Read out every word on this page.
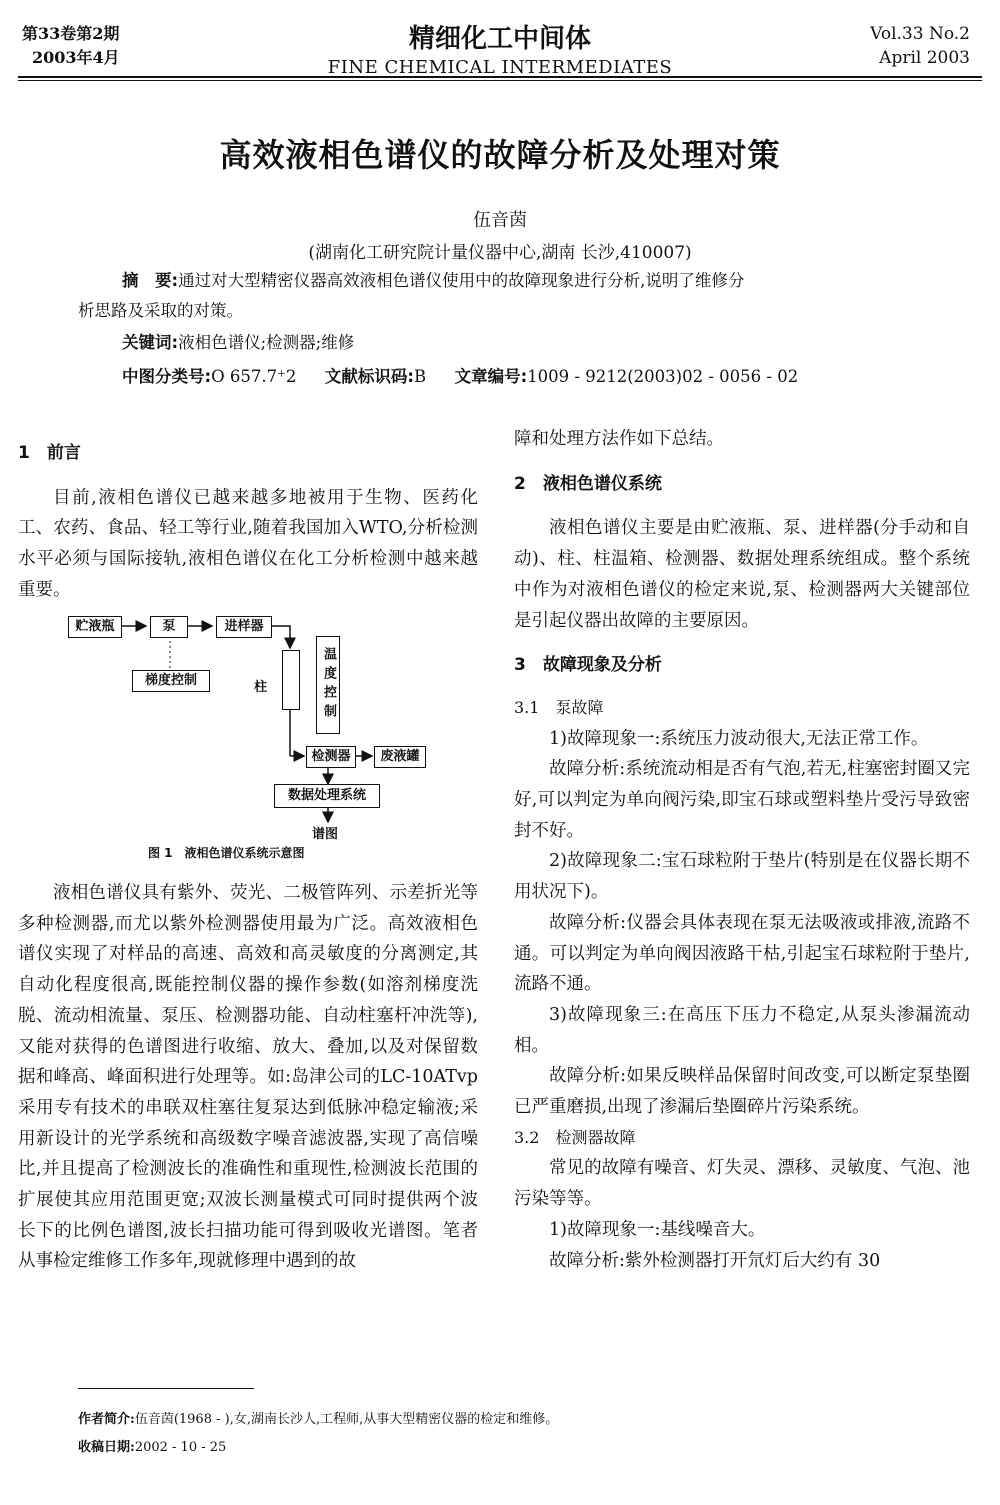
第33卷第2期
2003年4月
精细化工中间体
FINE CHEMICAL INTERMEDIATES
Vol.33 No.2
April 2003
高效液相色谱仪的故障分析及处理对策
伍音茵
(湖南化工研究院计量仪器中心,湖南 长沙,410007)
摘　要:通过对大型精密仪器高效液相色谱仪使用中的故障现象进行分析,说明了维修分
析思路及采取的对策。
关键词:液相色谱仪;检测器;维修
中图分类号:O 657.7⁺2 文献标识码:B 文章编号:1009 - 9212(2003)02 - 0056 - 02
1　 前言

目前,液相色谱仪已越来越多地被用于生物、医药化工、农药、食品、轻工等行业,随着我国加入WTO,分析检测水平必须与国际接轨,液相色谱仪在化工分析检测中越来越重要。

贮液瓶	泵	进样器
梯度控制	柱	温度控制
检测器	废液罐
数据处理系统
谱图
图 1　液相色谱仪系统示意图

液相色谱仪具有紫外、荧光、二极管阵列、示差折光等多种检测器,而尤以紫外检测器使用最为广泛。高效液相色谱仪实现了对样品的高速、高效和高灵敏度的分离测定,其自动化程度很高,既能控制仪器的操作参数(如溶剂梯度洗脱、流动相流量、泵压、检测器功能、自动柱塞杆冲洗等),又能对获得的色谱图进行收缩、放大、叠加,以及对保留数据和峰高、峰面积进行处理等。如:岛津公司的LC-10ATvp采用专有技术的串联双柱塞往复泵达到低脉冲稳定输液;采用新设计的光学系统和高级数字噪音滤波器,实现了高信噪比,并且提高了检测波长的准确性和重现性,检测波长范围的扩展使其应用范围更宽;双波长测量模式可同时提供两个波长下的比例色谱图,波长扫描功能可得到吸收光谱图。笔者从事检定维修工作多年,现就修理中遇到的故

障和处理方法作如下总结。
2　 液相色谱仪系统

液相色谱仪主要是由贮液瓶、泵、进样器(分手动和自动)、柱、柱温箱、检测器、数据处理系统组成。整个系统中作为对液相色谱仪的检定来说,泵、检测器两大关键部位是引起仪器出故障的主要原因。

3　 故障现象及分析
3.1　泵故障

1)故障现象一:系统压力波动很大,无法正常工作。

故障分析:系统流动相是否有气泡,若无,柱塞密封圈又完好,可以判定为单向阀污染,即宝石球或塑料垫片受污导致密封不好。

2)故障现象二:宝石球粒附于垫片(特别是在仪器长期不用状况下)。

故障分析:仪器会具体表现在泵无法吸液或排液,流路不通。可以判定为单向阀因液路干枯,引起宝石球粒附于垫片,流路不通。

3)故障现象三:在高压下压力不稳定,从泵头渗漏流动相。

故障分析:如果反映样品保留时间改变,可以断定泵垫圈已严重磨损,出现了渗漏后垫圈碎片污染系统。

3.2　检测器故障

常见的故障有噪音、灯失灵、漂移、灵敏度、气泡、池污染等等。

1)故障现象一:基线噪音大。

故障分析:紫外检测器打开氘灯后大约有 30

作者简介:伍音茵(1968 - ),女,湖南长沙人,工程师,从事大型精密仪器的检定和维修。
收稿日期:2002 - 10 - 25
